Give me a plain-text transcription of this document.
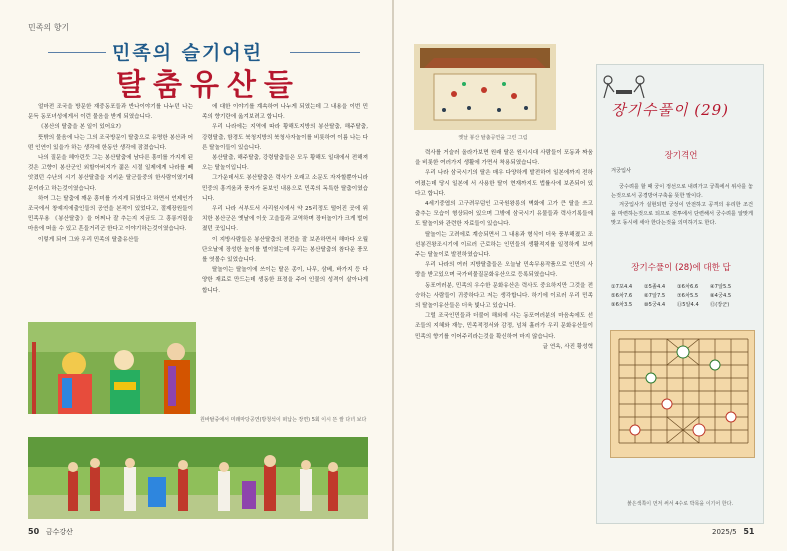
민족의 향기
민족의 슬기어린
탈춤유산들

얼마전 조국을 방문한 재중동포들과 반나이야기를 나누던 나는 문득 동포녀성에게서 이런 물음을 받게 되였습니다.

《봉산의 탈춤을 본 일이 있어요?》

뜻밖의 물음에 나는 그의 조국방문이 탈춤으로 유명한 봉산과 어떤 인연이 있을가 하는 생각에 한동안 생각에 잠겼습니다.

나의 질문을 헤아린듯 그는 봉산탈춤에 남다른 흥미를 가지게 된것은 고향이 봉산군인 외할아버지가 젊은 시절 일제에게 나라를 빼앗겼던 수난의 시기 봉산탈춤을 지키운 탈군들중의 한사람이였기때문이라고 하는것이였습니다.

하여 그는 탈춤에 깨운 흥미를 가지게 되였다고 하면서 언제인가 조국에서 창예지에출인들의 공연을 본적이 있었다고, 절제장원들이 민족무용 《봉산탈춤》을 어쩌나 잘 추는지 지금도 그 흥롱거림을 마음에 떠올 수 있고 흔들거리군 한다고 이야기하는것이였습니다.

이렇게 되여 그와 우리 민족의 탈춤유산들

에 대한 이야기를 계속하여 나누게 되였는데 그 내용을 이번 민족의 향기란에 옮겨보려고 합니다.

우리 나라에는 지역에 따라 황해도지방의 봉산탈춤, 해주탈춤, 강령탈춤, 함경도 북청지방의 북청사자놀이를 비롯하여 이름 나는 다른 탈놀이들이 있습니다.

봉산탈춤, 해주탈춤, 강령탈춤들은 모두 황해도 일대에서 전해져오는 탈놀이입니다.

그가운데서도 봉산탈춤은 력사가 오래고 소문도 자자할뿐아니라 민중의 흥겨움과 풍자가 돋보인 내용으로 민족의 독특한 탈춤이였습니다.

우리 나라 서부도서 사리원시에서 약 25리정도 떨어진 곳에 위치한 봉산군은 옛날에 이웃 고을들과 교역하며 장터놀이가 크게 벌어졌던 곳입니다.

이 지방사람들은 봉산탈춤의 전전을 잘 보존하면서 해마다 오월단오날에 장성한 놀이를 벌이였는데 우리는 봉산탈춤의 참다운 풍모를 엿볼수 있었습니다.

탈놀이는 탈놀이에 쓰이는 탈은 종이, 나무, 삼베, 바가지 등 다양한 재료로 만드는데 생동한 표정을 주어 인물의 성격이 살아나게 합니다.

원바탈중에서 미래마당공연(방청석이 떠납는 장면) 5회 이시 뜬 쌀 다녀 보다
50 금수강산
옛날 봉산 탈춤공연을 그린 그림

력사를 거슬러 올라가보면 원래 탈은 원시시대 사람들이 포동과 짜움을 비롯한 여러가지 생활에 가면서 착용되였습니다.

우리 나라 삼국시기의 탈은 매우 다양하게 발전하여 일본에까지 전하여졌는데 당시 일본에 서 사용한 탈이 현재까지도 법률사에 보존되어 있다고 합니다.

4세기중엽의 고구려무덤인 고국원왕릉의 벽화에 고가 큰 탈을 쓰고 춤추는 모습이 형상되어 있으며 그밖에 삼국시기 유물들과 력사기록들에도 탈놀이와 관련한 자료들이 있습니다.

탈놀이는 고려에로 계승되면서 그 내용과 형식이 더욱 풍부해졌고 조선봉건왕조시기에 이르러 근로하는 인민들의 생활적지를 일정하게 보여주는 탈놀이로 발전하였습니다.

우리 나라의 여러 지방탈춤들은 오늘날 민속무용작품으로 인민의 사랑을 받고있으며 국가비물질문화유산으로 등록되였습니다.

동포여러분, 민족의 우수한 문화유산은 력사도 중요하지만 그것을 전승하는 사람들이 귀중하다고 저는 생각합니다. 하기에 이르러 우리 민족의 탈놀이유산들은 더욱 빛나고 있습니다.

그럴 조국인민들과 더불어 해외에 사는 동포여러분의 마음속에도 선조들의 지혜와 재능, 민족적정서와 감정, 넘쳐 흘러가 우리 문화유산들이 민족의 향기를 이어주리라는것을 확신하여 마지 않습니다.

글 연옥, 사진 황성혁

장기수풀이 (29)
장기격언
겨궁입사

궁수려를 할 때 궁이 정선으로 내려가고 궁쪽에서 위사를 놓는것으로서 공경방어구축을 뜻한 말이다.

겨궁입사가 실현되면 궁성이 안전하고 공격의 유리한 조건을 마련하는것으로 되므로 전투에서 단련해서 궁수려를 알맞게 맞고 동시에 세아 한다는것을 의미하기도 한다.

장기수풀이 (28)에 대한 답
①7포4.4 ②5졸4.4 ③6차6.6 ④7알5.5 ⑤6차7.6 ⑥7알7.5 ⑦6차5.5 ⑧4궁4.5 ⑨6차3.5 ⑩5궁4.4 ⑪5알4.4 ⑫(장군)
붉은색쪽이 먼저 써서 4수로 박목을 이기어 한다.
2025/5 51
